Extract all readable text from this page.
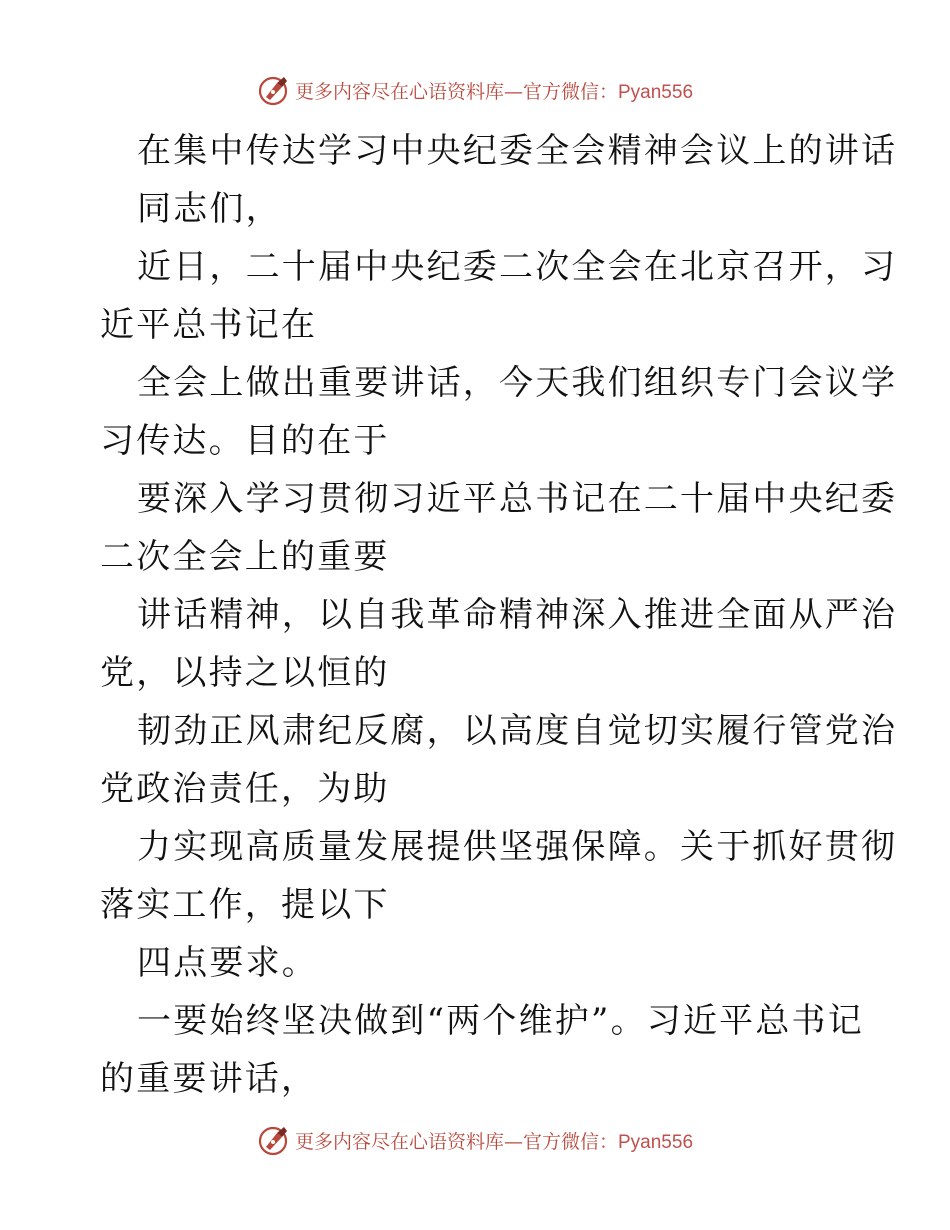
更多内容尽在心语资料库—官方微信：Pyan556
在集中传达学习中央纪委全会精神会议上的讲话
同志们，
近日，二十届中央纪委二次全会在北京召开，习
近平总书记在
全会上做出重要讲话，今天我们组织专门会议学
习传达。目的在于
要深入学习贯彻习近平总书记在二十届中央纪委
二次全会上的重要
讲话精神，以自我革命精神深入推进全面从严治
党，以持之以恒的
韧劲正风肃纪反腐，以高度自觉切实履行管党治
党政治责任，为助
力实现高质量发展提供坚强保障。关于抓好贯彻
落实工作，提以下
四点要求。
一要始终坚决做到“两个维护”。习近平总书记
的重要讲话，
更多内容尽在心语资料库—官方微信：Pyan556
